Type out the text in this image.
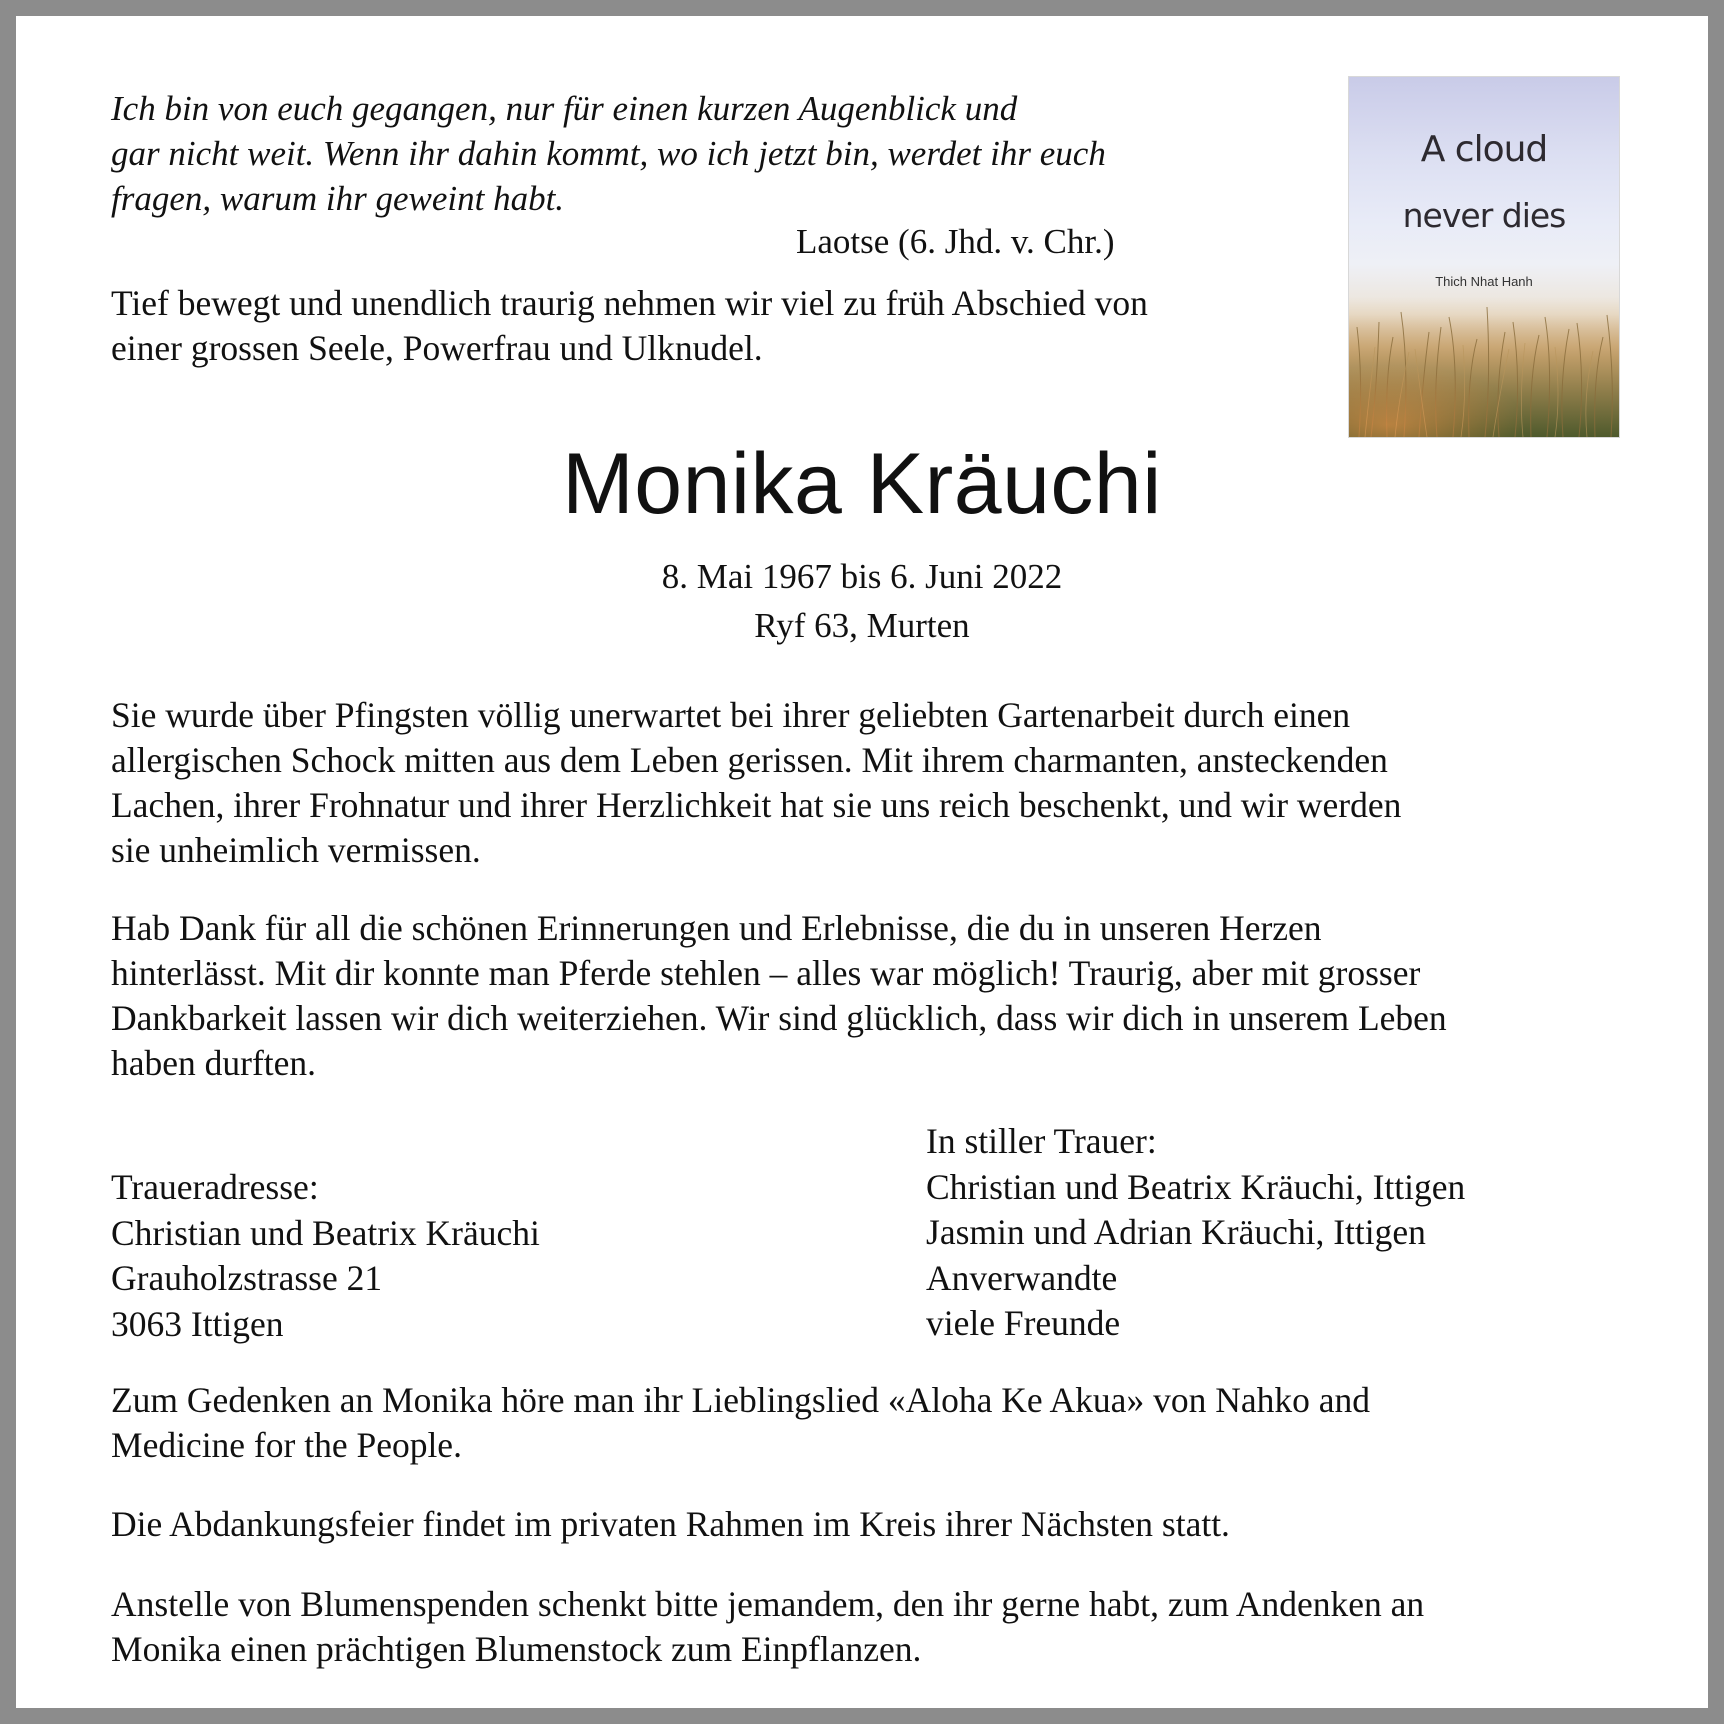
Ich bin von euch gegangen, nur für einen kurzen Augenblick und
gar nicht weit. Wenn ihr dahin kommt, wo ich jetzt bin, werdet ihr euch
fragen, warum ihr geweint habt.
Laotse (6. Jhd. v. Chr.)
Tief bewegt und unendlich traurig nehmen wir viel zu früh Abschied von
einer grossen Seele, Powerfrau und Ulknudel.
A cloud
never dies
Thich Nhat Hanh
Monika Kräuchi
8. Mai 1967 bis 6. Juni 2022
Ryf 63, Murten
Sie wurde über Pfingsten völlig unerwartet bei ihrer geliebten Gartenarbeit durch einen
allergischen Schock mitten aus dem Leben gerissen. Mit ihrem charmanten, ansteckenden
Lachen, ihrer Frohnatur und ihrer Herzlichkeit hat sie uns reich beschenkt, und wir werden
sie unheimlich vermissen.
Hab Dank für all die schönen Erinnerungen und Erlebnisse, die du in unseren Herzen
hinterlässt. Mit dir konnte man Pferde stehlen – alles war möglich! Traurig, aber mit grosser
Dankbarkeit lassen wir dich weiterziehen. Wir sind glücklich, dass wir dich in unserem Leben
haben durften.
Traueradresse:
Christian und Beatrix Kräuchi
Grauholzstrasse 21
3063 Ittigen
In stiller Trauer:
Christian und Beatrix Kräuchi, Ittigen
Jasmin und Adrian Kräuchi, Ittigen
Anverwandte
viele Freunde
Zum Gedenken an Monika höre man ihr Lieblingslied «Aloha Ke Akua» von Nahko and
Medicine for the People.
Die Abdankungsfeier findet im privaten Rahmen im Kreis ihrer Nächsten statt.
Anstelle von Blumenspenden schenkt bitte jemandem, den ihr gerne habt, zum Andenken an
Monika einen prächtigen Blumenstock zum Einpflanzen.
